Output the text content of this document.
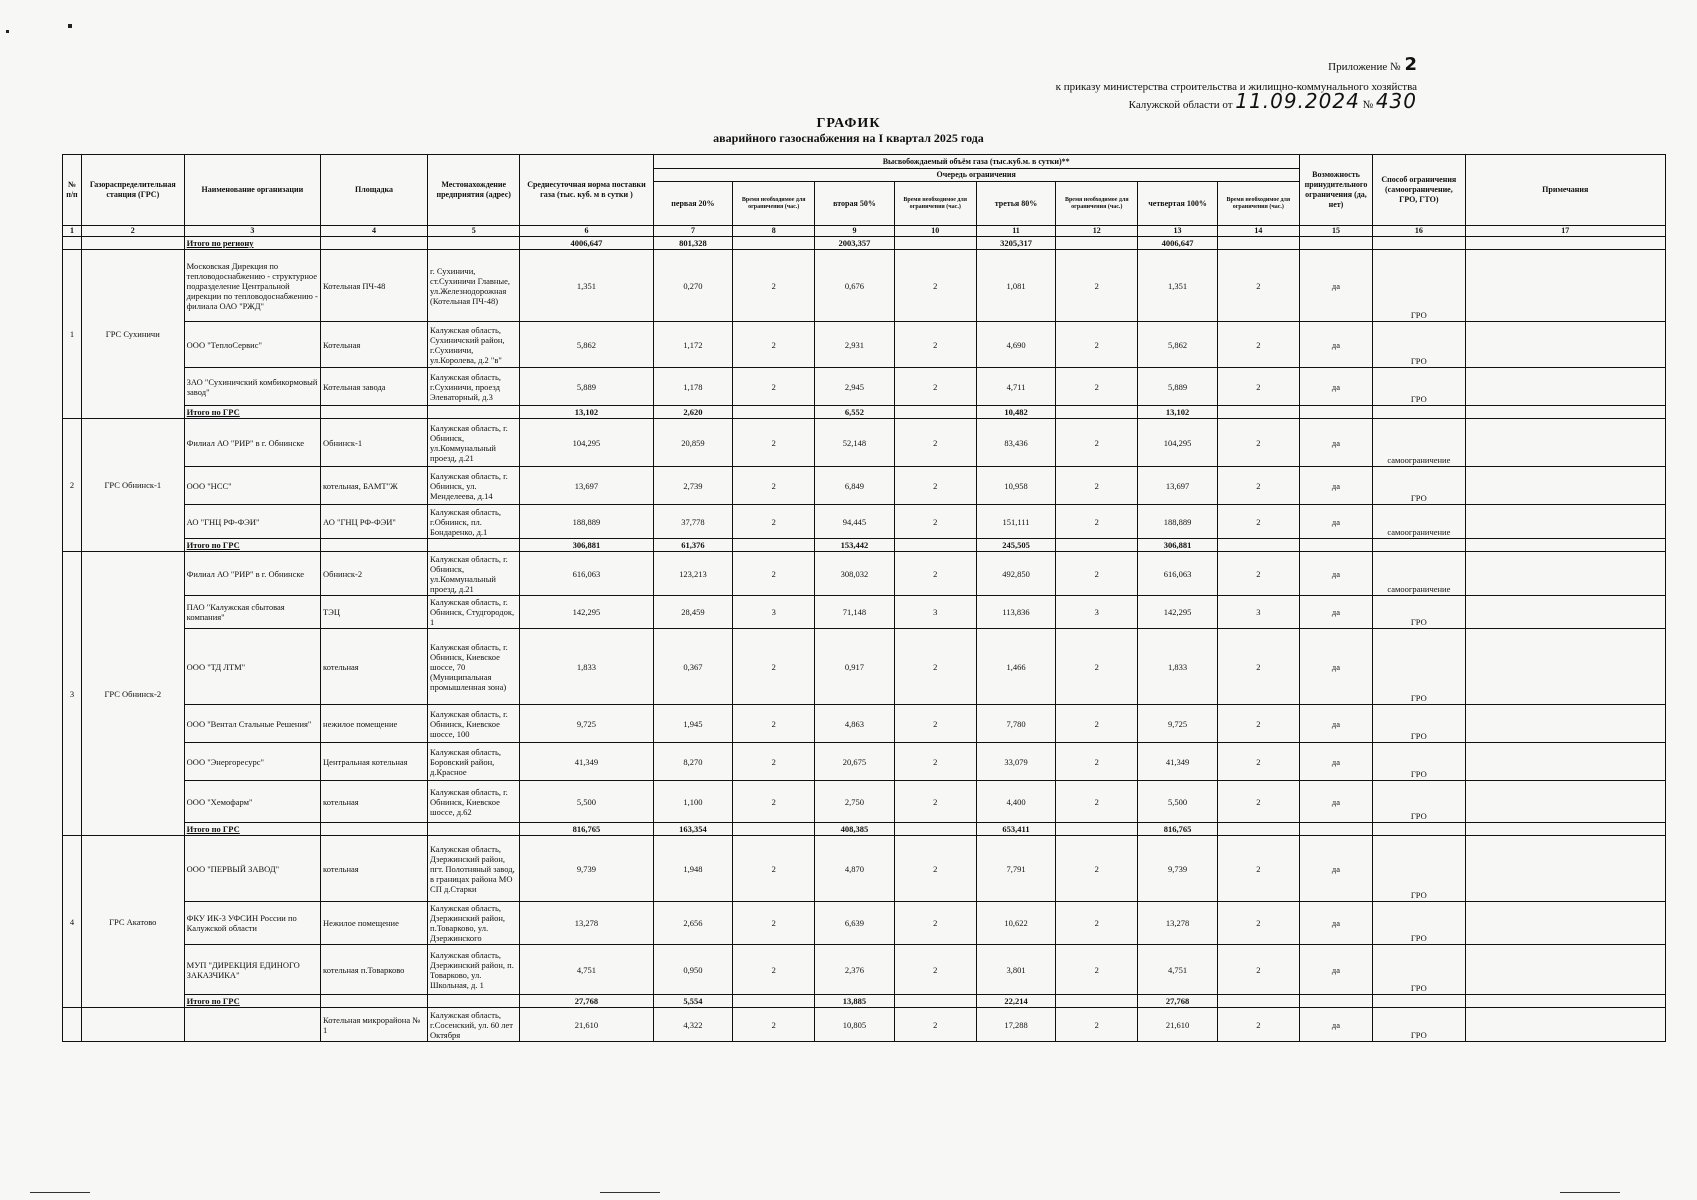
Приложение № 2
к приказу министерства строительства и жилищно-коммунального хозяйства
Калужской области от 11.09.2024 № 430
ГРАФИК
аварийного газоснабжения на I квартал 2025 года
№ п/п	Газораспределительная станция (ГРС)	Наименование организации	Площадка	Местонахождение предприятия (адрес)	Среднесуточная норма поставки газа (тыс. куб. м в сутки )	Высвобождаемый объём газа (тыс.куб.м. в сутки)**								Возможность принудительного ограничения (да, нет)	Способ ограничения (самоограничение, ГРО, ГТО)	Примечания
						Очередь ограничения										
						первая 20%	Время необходимое для ограничения (час.)	вторая 50%	Время необходимое для ограничения (час.)	третья 80%	Время необходимое для ограничения (час.)	четвертая 100%	Время необходимое для ограничения (час.)			
1	2	3	4	5	6	7	8	9	10	11	12	13	14	15	16	17
		Итого по региону			4006,647	801,328		2003,357		3205,317		4006,647				
1	ГРС Сухиничи	Московская Дирекция по тепловодоснабжению - структурное подразделение Центральной дирекции по тепловодоснабжению - филиала ОАО "РЖД"	Котельная ПЧ-48	г. Сухиничи, ст.Сухиничи Главные, ул.Железнодорожная (Котельная ПЧ-48)	1,351	0,270	2	0,676	2	1,081	2	1,351	2	да	ГРО	
		ООО "ТеплоСервис"	Котельная	Калужская область, Сухиничский район, г.Сухиничи, ул.Королева, д.2 "в"	5,862	1,172	2	2,931	2	4,690	2	5,862	2	да	ГРО	
		ЗАО "Сухиничский комбикормовый завод"	Котельная завода	Калужская область, г.Сухиничи, проезд Элеваторный, д.3	5,889	1,178	2	2,945	2	4,711	2	5,889	2	да	ГРО	
		Итого по ГРС			13,102	2,620		6,552		10,482		13,102				
2	ГРС Обнинск-1	Филиал АО "РИР" в г. Обнинске	Обнинск-1	Калужская область, г. Обнинск, ул.Коммунальный проезд, д.21	104,295	20,859	2	52,148	2	83,436	2	104,295	2	да	самоограничение	
		ООО "НСС"	котельная, БАМТ"Ж	Калужская область, г. Обнинск, ул. Менделеева, д.14	13,697	2,739	2	6,849	2	10,958	2	13,697	2	да	ГРО	
		АО "ГНЦ РФ-ФЭИ"	АО "ГНЦ РФ-ФЭИ"	Калужская область, г.Обнинск, пл. Бондаренко, д.1	188,889	37,778	2	94,445	2	151,111	2	188,889	2	да	самоограничение	
		Итого по ГРС			306,881	61,376		153,442		245,505		306,881				
3	ГРС Обнинск-2	Филиал АО "РИР" в г. Обнинске	Обнинск-2	Калужская область, г. Обнинск, ул.Коммунальный проезд, д.21	616,063	123,213	2	308,032	2	492,850	2	616,063	2	да	самоограничение	
		ПАО "Калужская сбытовая компания"	ТЭЦ	Калужская область, г. Обнинск, Студгородок, 1	142,295	28,459	3	71,148	3	113,836	3	142,295	3	да	ГРО	
		ООО "ТД ЛТМ"	котельная	Калужская область, г. Обнинск, Киевское шоссе, 70 (Муниципальная промышленная зона)	1,833	0,367	2	0,917	2	1,466	2	1,833	2	да	ГРО	
		ООО "Вентал Стальные Решения"	нежилое помещение	Калужская область, г. Обнинск, Киевское шоссе, 100	9,725	1,945	2	4,863	2	7,780	2	9,725	2	да	ГРО	
		ООО "Энергоресурс"	Центральная котельная	Калужская область, Боровский район, д.Красное	41,349	8,270	2	20,675	2	33,079	2	41,349	2	да	ГРО	
		ООО "Хемофарм"	котельная	Калужская область, г. Обнинск, Киевское шоссе, д.62	5,500	1,100	2	2,750	2	4,400	2	5,500	2	да	ГРО	
		Итого по ГРС			816,765	163,354		408,385		653,411		816,765				
4	ГРС Акатово	ООО "ПЕРВЫЙ ЗАВОД"	котельная	Калужская область, Дзержинский район, пгт. Полотняный завод, в границах района МО СП д.Старки	9,739	1,948	2	4,870	2	7,791	2	9,739	2	да	ГРО	
		ФКУ ИК-3 УФСИН России по Калужской области	Нежилое помещение	Калужская область, Дзержинский район, п.Товарково, ул. Дзержинского	13,278	2,656	2	6,639	2	10,622	2	13,278	2	да	ГРО	
		МУП "ДИРЕКЦИЯ ЕДИНОГО ЗАКАЗЧИКА"	котельная п.Товарково	Калужская область, Дзержинский район, п. Товарково, ул. Школьная, д. 1	4,751	0,950	2	2,376	2	3,801	2	4,751	2	да	ГРО	
		Итого по ГРС			27,768	5,554		13,885		22,214		27,768				
			Котельная микрорайона № 1	Калужская область, г.Сосенский, ул. 60 лет Октября	21,610	4,322	2	10,805	2	17,288	2	21,610	2	да	ГРО	
